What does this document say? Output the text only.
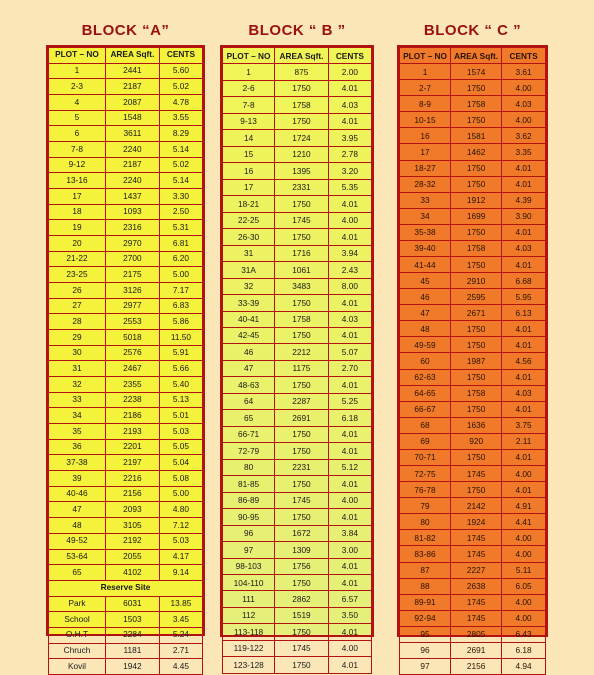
BLOCK “A”	BLOCK “ B ”	BLOCK “ C ”
PLOT – NO	AREA Sqft.	CENTS
1	2441	5.60
2-3	2187	5.02
4	2087	4.78
5	1548	3.55
6	3611	8.29
7-8	2240	5.14
9-12	2187	5.02
13-16	2240	5.14
17	1437	3.30
18	1093	2.50
19	2316	5.31
20	2970	6.81
21-22	2700	6.20
23-25	2175	5.00
26	3126	7.17
27	2977	6.83
28	2553	5.86
29	5018	11.50
30	2576	5.91
31	2467	5.66
32	2355	5.40
33	2238	5.13
34	2186	5.01
35	2193	5.03
36	2201	5.05
37-38	2197	5.04
39	2216	5.08
40-46	2156	5.00
47	2093	4.80
48	3105	7.12
49-52	2192	5.03
53-64	2055	4.17
65	4102	9.14
Reserve Site		
Park	6031	13.85
School	1503	3.45
O.H.T	2284	5.24
Chruch	1181	2.71
Kovil	1942	4.45
PLOT – NO	AREA Sqft.	CENTS
1	875	2.00
2-6	1750	4.01
7-8	1758	4.03
9-13	1750	4.01
14	1724	3.95
15	1210	2.78
16	1395	3.20
17	2331	5.35
18-21	1750	4.01
22-25	1745	4.00
26-30	1750	4.01
31	1716	3.94
31A	1061	2.43
32	3483	8.00
33-39	1750	4.01
40-41	1758	4.03
42-45	1750	4.01
46	2212	5.07
47	1175	2.70
48-63	1750	4.01
64	2287	5.25
65	2691	6.18
66-71	1750	4.01
72-79	1750	4.01
80	2231	5.12
81-85	1750	4.01
86-89	1745	4.00
90-95	1750	4.01
96	1672	3.84
97	1309	3.00
98-103	1756	4.01
104-110	1750	4.01
111	2862	6.57
112	1519	3.50
113-118	1750	4.01
119-122	1745	4.00
123-128	1750	4.01
PLOT – NO	AREA Sqft.	CENTS
1	1574	3.61
2-7	1750	4.00
8-9	1758	4.03
10-15	1750	4.00
16	1581	3.62
17	1462	3.35
18-27	1750	4.01
28-32	1750	4.01
33	1912	4.39
34	1699	3.90
35-38	1750	4.01
39-40	1758	4.03
41-44	1750	4.01
45	2910	6.68
46	2595	5.95
47	2671	6.13
48	1750	4.01
49-59	1750	4.01
60	1987	4.56
62-63	1750	4.01
64-65	1758	4.03
66-67	1750	4.01
68	1636	3.75
69	920	2.11
70-71	1750	4.01
72-75	1745	4.00
76-78	1750	4.01
79	2142	4.91
80	1924	4.41
81-82	1745	4.00
83-86	1745	4.00
87	2227	5.11
88	2638	6.05
89-91	1745	4.00
92-94	1745	4.00
95	2805	6.43
96	2691	6.18
97	2156	4.94
